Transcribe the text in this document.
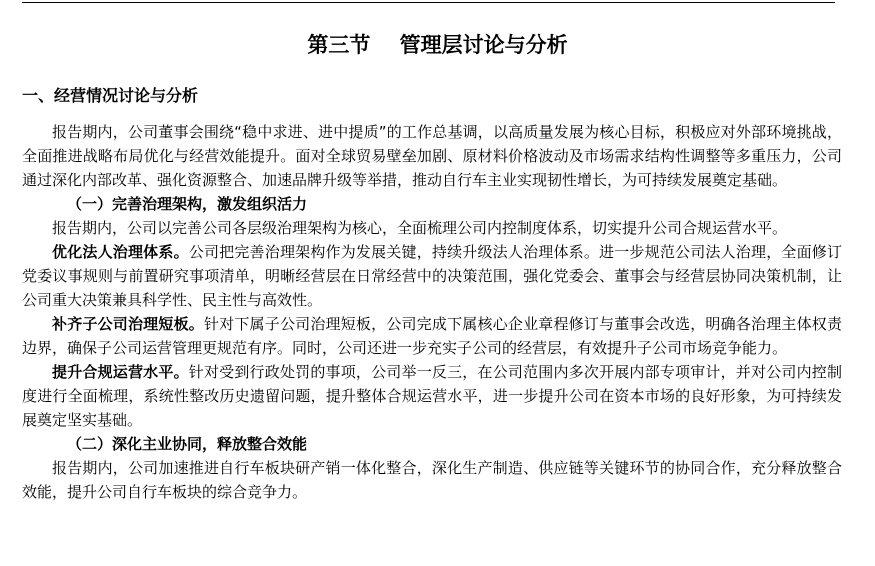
第三节    管理层讨论与分析
一、经营情况讨论与分析

报告期内，公司董事会围绕“稳中求进、进中提质”的工作总基调，以高质量发展为核心目标，积极应对外部环境挑战，全面推进战略布局优化与经营效能提升。面对全球贸易壁垒加剧、原材料价格波动及市场需求结构性调整等多重压力，公司通过深化内部改革、强化资源整合、加速品牌升级等举措，推动自行车主业实现韧性增长，为可持续发展奠定基础。

（一）完善治理架构，激发组织活力

报告期内，公司以完善公司各层级治理架构为核心，全面梳理公司内控制度体系，切实提升公司合规运营水平。

优化法人治理体系。公司把完善治理架构作为发展关键，持续升级法人治理体系。进一步规范公司法人治理，全面修订党委议事规则与前置研究事项清单，明晰经营层在日常经营中的决策范围，强化党委会、董事会与经营层协同决策机制，让公司重大决策兼具科学性、民主性与高效性。

补齐子公司治理短板。针对下属子公司治理短板，公司完成下属核心企业章程修订与董事会改选，明确各治理主体权责边界，确保子公司运营管理更规范有序。同时，公司还进一步充实子公司的经营层，有效提升子公司市场竞争能力。

提升合规运营水平。针对受到行政处罚的事项，公司举一反三，在公司范围内多次开展内部专项审计，并对公司内控制度进行全面梳理，系统性整改历史遗留问题，提升整体合规运营水平，进一步提升公司在资本市场的良好形象，为可持续发展奠定坚实基础。

（二）深化主业协同，释放整合效能

报告期内，公司加速推进自行车板块研产销一体化整合，深化生产制造、供应链等关键环节的协同合作，充分释放整合效能，提升公司自行车板块的综合竞争力。
